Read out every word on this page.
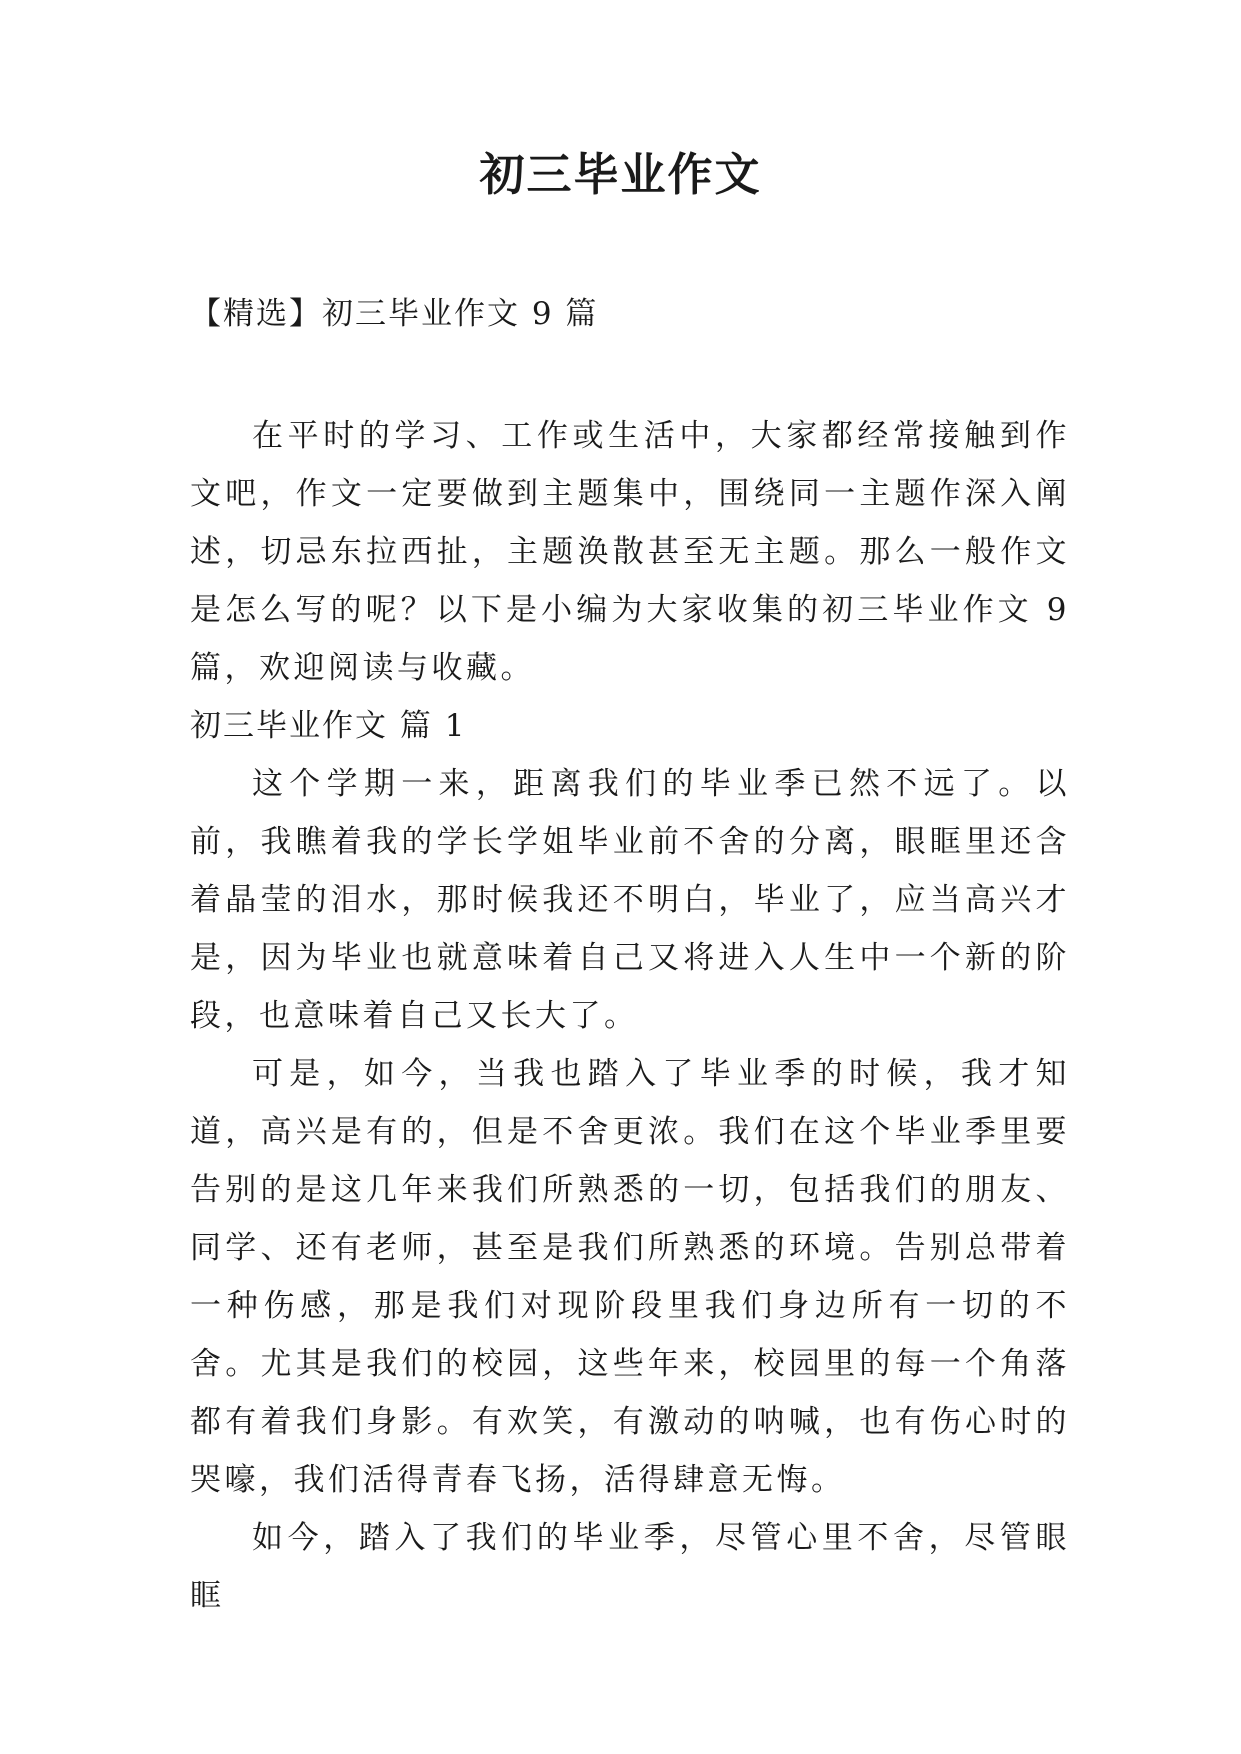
初三毕业作文
【精选】初三毕业作文 9 篇

在平时的学习、工作或生活中，大家都经常接触到作文吧，作文一定要做到主题集中，围绕同一主题作深入阐述，切忌东拉西扯，主题涣散甚至无主题。那么一般作文是怎么写的呢？以下是小编为大家收集的初三毕业作文 9 篇，欢迎阅读与收藏。

初三毕业作文 篇 1

这个学期一来，距离我们的毕业季已然不远了。以前，我瞧着我的学长学姐毕业前不舍的分离，眼眶里还含着晶莹的泪水，那时候我还不明白，毕业了，应当高兴才是，因为毕业也就意味着自己又将进入人生中一个新的阶段，也意味着自己又长大了。

可是，如今，当我也踏入了毕业季的时候，我才知道，高兴是有的，但是不舍更浓。我们在这个毕业季里要告别的是这几年来我们所熟悉的一切，包括我们的朋友、同学、还有老师，甚至是我们所熟悉的环境。告别总带着一种伤感，那是我们对现阶段里我们身边所有一切的不舍。尤其是我们的校园，这些年来，校园里的每一个角落都有着我们身影。有欢笑，有激动的呐喊，也有伤心时的哭嚎，我们活得青春飞扬，活得肆意无悔。

如今，踏入了我们的毕业季，尽管心里不舍，尽管眼眶
